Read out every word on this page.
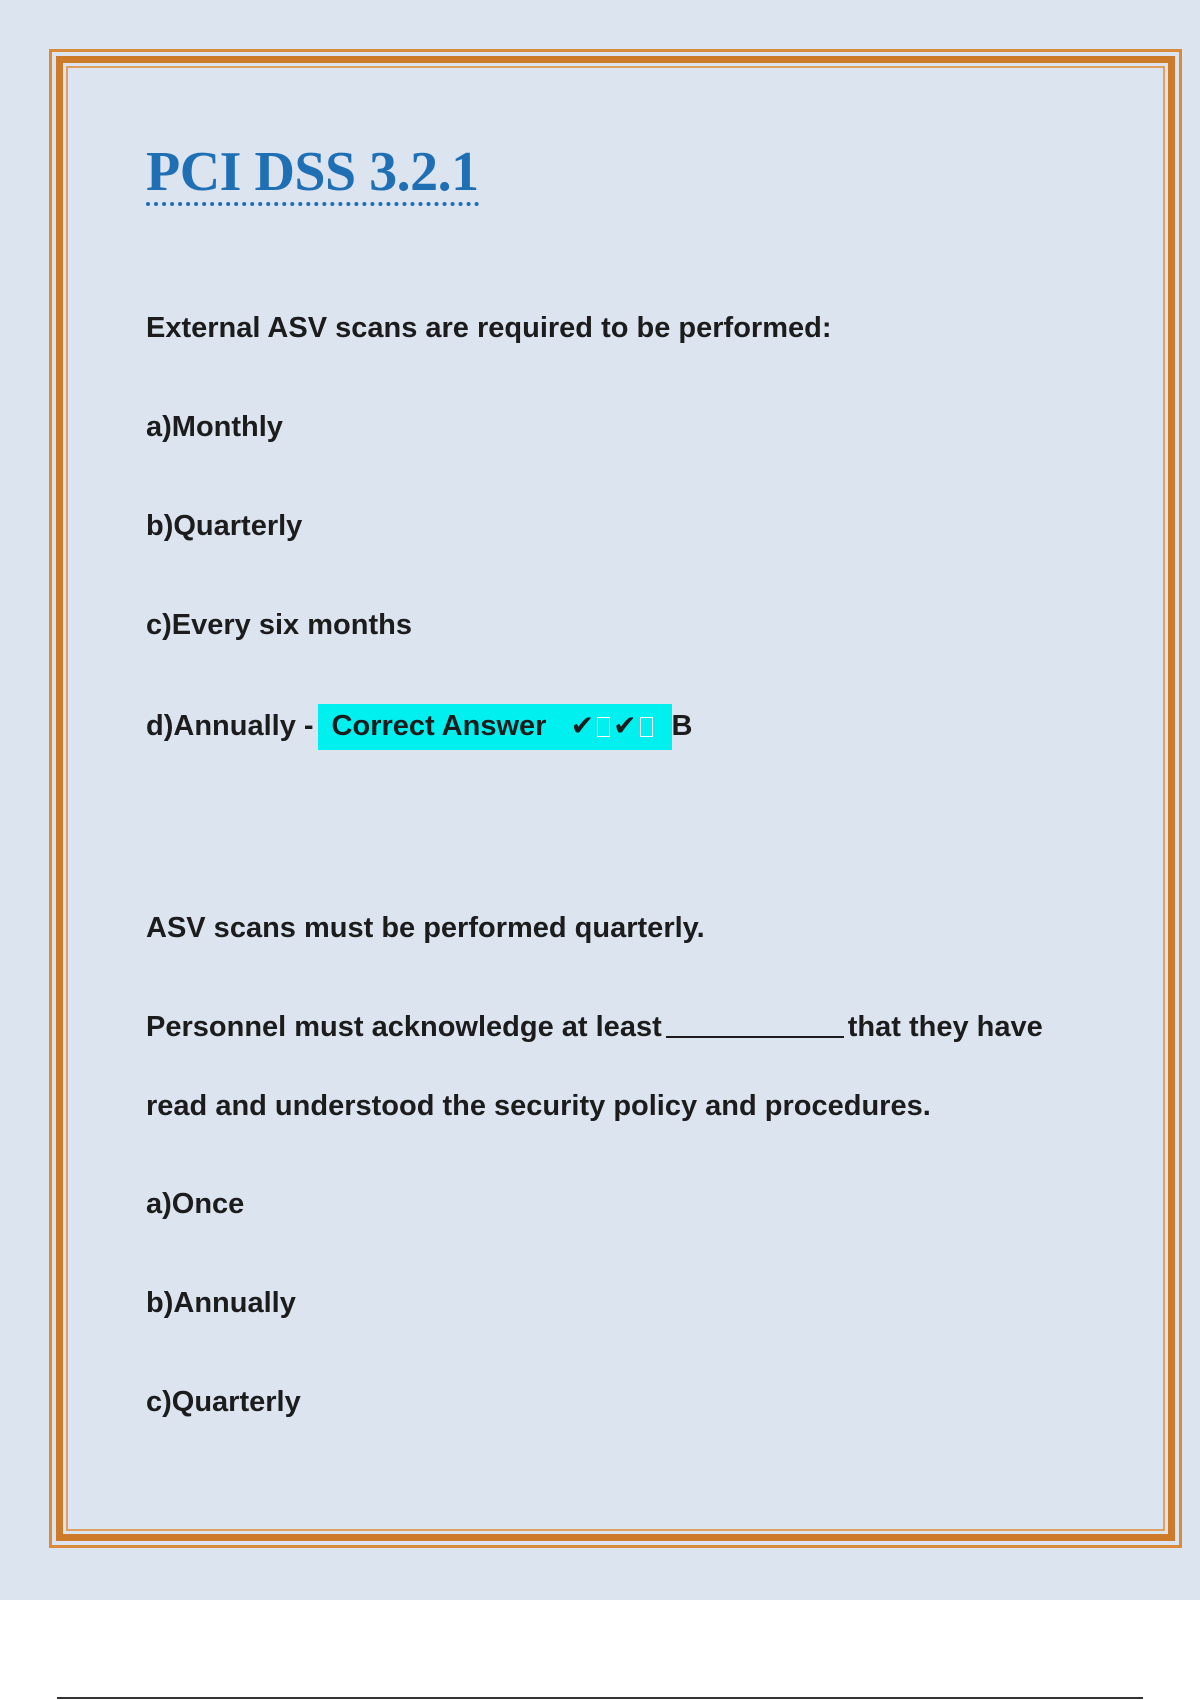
PCI DSS 3.2.1

External ASV scans are required to be performed:

a)Monthly

b)Quarterly

c)Every six months

d)Annually - Correct Answer ✔ ✔ B

ASV scans must be performed quarterly.

Personnel must acknowledge at least	that they have

read and understood the security policy and procedures.

a)Once

b)Annually

c)Quarterly
